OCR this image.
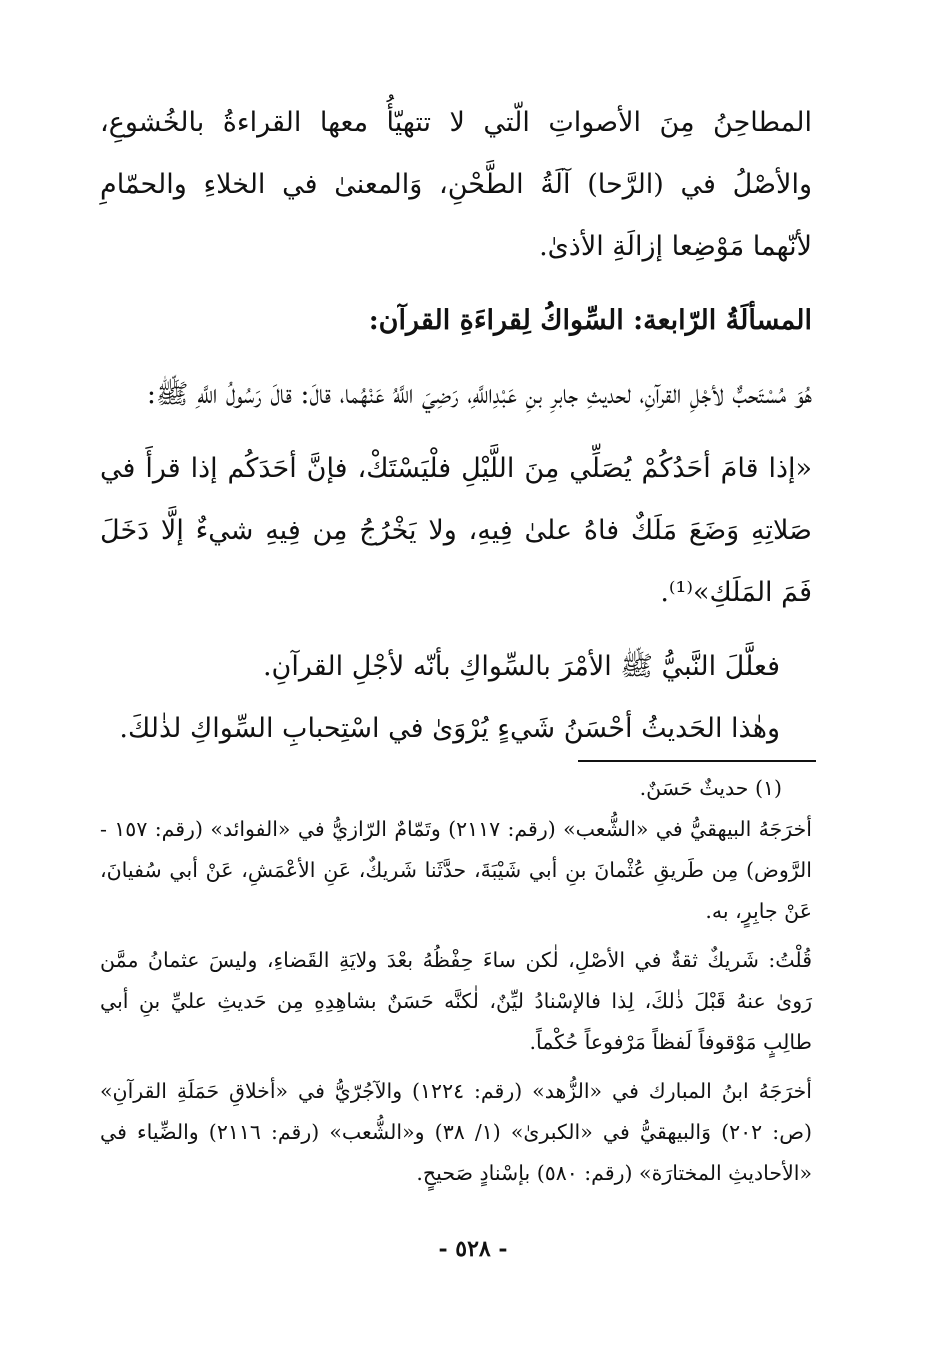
المطاحِنُ مِنَ الأصواتِ الّتي لا تتهيّأُ معها القراءةُ بالخُشوعِ، والأصْلُ في (الرَّحا) آلَةُ الطَّحْنِ، وَالمعنىٰ في الخلاءِ والحمّامِ لأنّهما مَوْضِعا إزالَةِ الأذىٰ.

المسألَةُ الرّابعة: السِّواكُ لِقراءَةِ القرآن:

هُوَ مُسْتَحبٌّ لأجْلِ القرآنِ، لحديثِ جابرِ بنِ عَبْدِاللَّهِ، رَضِيَ اللَّهُ عَنْهُما، قالَ: قالَ رَسُولُ اللَّهِ ﷺ:

«إذا قامَ أحَدُكُمْ يُصَلِّي مِنَ اللَّيْلِ فلْيَسْتَكْ، فإنَّ أحَدَكُم إذا قرأَ في صَلاتِهِ وَضَعَ مَلَكٌ فاهُ علىٰ فِيهِ، ولا يَخْرُجُ مِن فِيهِ شيءٌ إلَّا دَخَلَ فَمَ المَلَكِ»⁽¹⁾.

فعلَّلَ النَّبيُّ ﷺ الأمْرَ بالسِّواكِ بأنّه لأجْلِ القرآنِ.

وهٰذا الحَديثُ أحْسَنُ شَيءٍ يُرْوَىٰ في اسْتِحبابِ السِّواكِ لذٰلكَ.

(١) حديثٌ حَسَنٌ.

أخرَجَهُ البيهقيُّ في «الشُّعب» (رقم: ٢١١٧) وتَمّامٌ الرّازيُّ في «الفوائد» (رقم: ١٥٧ - الرَّوض) مِن طَريقِ عُثْمانَ بنِ أبي شَيْبَةَ، حدَّثَنا شَريكٌ، عَنِ الأعْمَشِ، عَنْ أبي سُفيانَ، عَنْ جابِرٍ، به.

قُلْتُ: شَريكٌ ثقةٌ في الأصْلِ، لٰكن ساءَ حِفْظُهُ بعْدَ ولايَةِ القَضاءِ، وليسَ عثمانُ ممَّن رَوىٰ عنهُ قَبْلَ ذٰلكَ، لِذا فالإسْنادُ ليِّنٌ، لٰكنَّه حَسَنٌ بشاهِدِهِ مِن حَديثِ عليِّ بنِ أبي طالِبٍ مَوْقوفاً لَفظاً مَرْفوعاً حُكْماً.

أخرَجَهُ ابنُ المبارك في «الزُّهد» (رقم: ١٢٢٤) والآجُرّيُّ في «أخلاقِ حَمَلَةِ القرآنِ» (ص: ٢٠٢) وَالبيهقيُّ في «الكبرىٰ» (١/ ٣٨) و«الشُّعب» (رقم: ٢١١٦) والضِّياء في «الأحاديثِ المختارَة» (رقم: ٥٨٠) بإسْنادٍ صَحيحٍ.

- ٥٢٨ -
